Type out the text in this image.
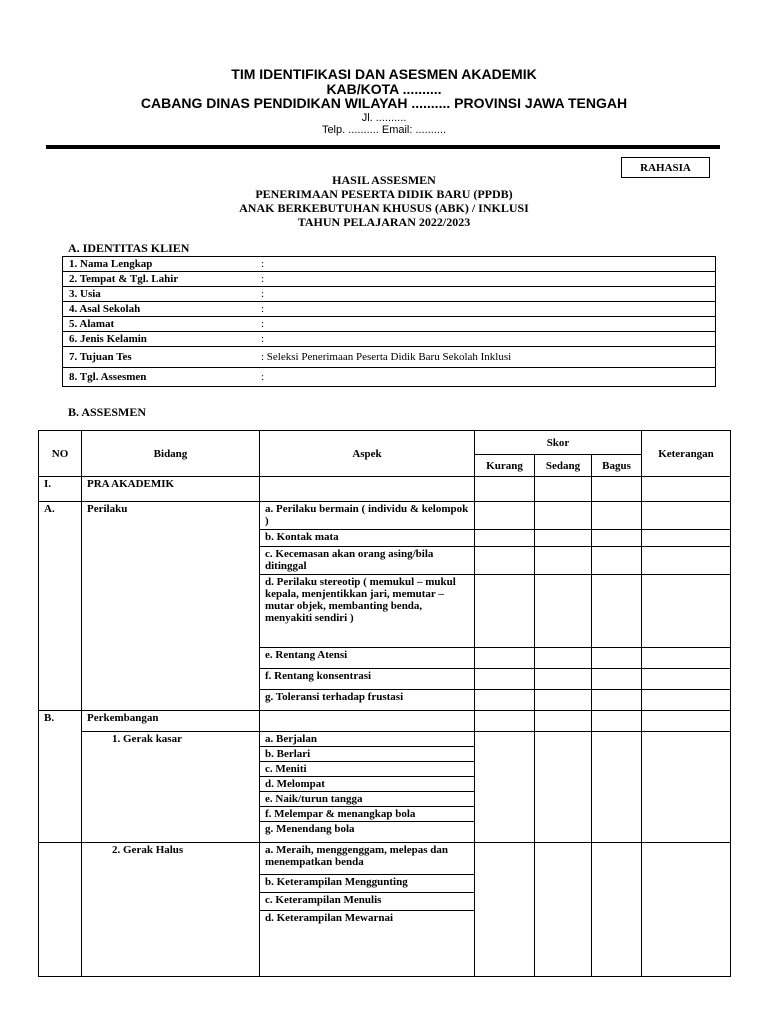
TIM IDENTIFIKASI DAN ASESMEN AKADEMIK
KAB/KOTA ..........
CABANG DINAS PENDIDIKAN WILAYAH .......... PROVINSI JAWA TENGAH
Jl. ..........
Telp. .......... Email: ..........
RAHASIA
HASIL ASSESMEN
PENERIMAAN PESERTA DIDIK BARU (PPDB)
ANAK BERKEBUTUHAN KHUSUS (ABK) / INKLUSI
TAHUN PELAJARAN 2022/2023
A. IDENTITAS KLIEN
1. Nama Lengkap	:
2. Tempat & Tgl. Lahir	:
3. Usia	:
4. Asal Sekolah	:
5. Alamat	:
6. Jenis Kelamin	:
7. Tujuan Tes	: Seleksi Penerimaan Peserta Didik Baru Sekolah Inklusi
8. Tgl. Assesmen	:
B. ASSESMEN
NO	Bidang	Aspek	Skor			Keterangan
			Kurang	Sedang	Bagus	
I.	PRA AKADEMIK					
A.	Perilaku	a. Perilaku bermain ( individu & kelompok )				
		b. Kontak mata				
		c. Kecemasan akan orang asing/bila ditinggal				
		d. Perilaku stereotip ( memukul – mukul kepala, menjentikkan jari, memutar – mutar objek, membanting benda, menyakiti sendiri )				
		e. Rentang Atensi				
		f. Rentang konsentrasi				
		g. Toleransi terhadap frustasi				
B.	Perkembangan					
	1. Gerak kasar	a. Berjalan				
		b. Berlari				
		c. Meniti				
		d. Melompat				
		e. Naik/turun tangga				
		f. Melempar & menangkap bola				
		g. Menendang bola				
	2. Gerak Halus	a. Meraih, menggenggam, melepas dan menempatkan benda				
		b. Keterampilan Menggunting				
		c. Keterampilan Menulis				
		d. Keterampilan Mewarnai				
